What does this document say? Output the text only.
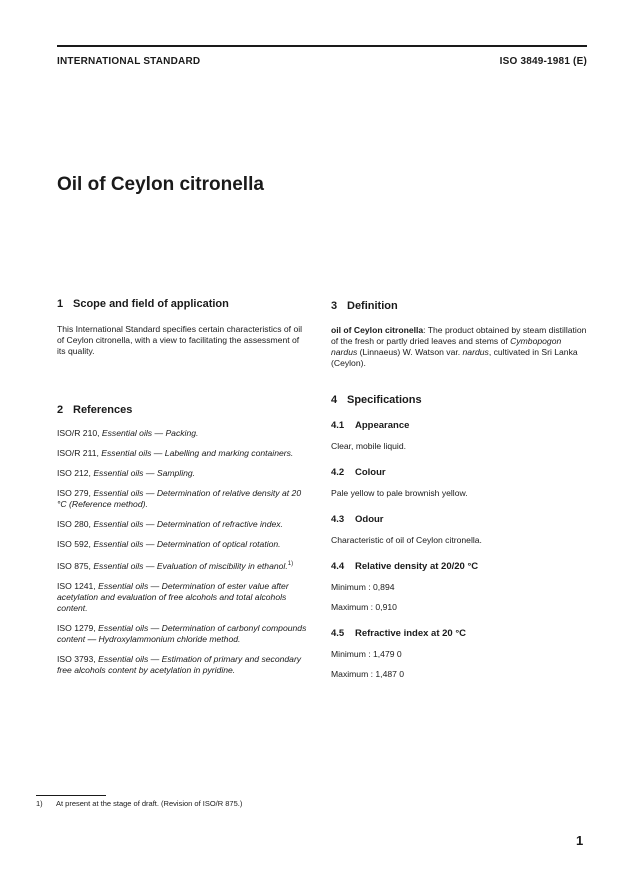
INTERNATIONAL STANDARD	ISO 3849-1981 (E)
Oil of Ceylon citronella
1 Scope and field of application

This International Standard specifies certain characteristics of oil of Ceylon citronella, with a view to facilitating the assessment of its quality.

2 References

ISO/R 210, Essential oils — Packing.

ISO/R 211, Essential oils — Labelling and marking containers.

ISO 212, Essential oils — Sampling.

ISO 279, Essential oils — Determination of relative density at 20 °C (Reference method).

ISO 280, Essential oils — Determination of refractive index.

ISO 592, Essential oils — Determination of optical rotation.

ISO 875, Essential oils — Evaluation of miscibility in ethanol.$^{1)}$

ISO 1241, Essential oils — Determination of ester value after acetylation and evaluation of free alcohols and total alcohols content.

ISO 1279, Essential oils — Determination of carbonyl compounds content — Hydroxylammonium chloride method.

ISO 3793, Essential oils — Estimation of primary and secondary free alcohols content by acetylation in pyridine.

3 Definition

oil of Ceylon citronella: The product obtained by steam distillation of the fresh or partly dried leaves and stems of Cymbopogon nardus (Linnaeus) W. Watson var. nardus, cultivated in Sri Lanka (Ceylon).

4 Specifications
4.1	Appearance

Clear, mobile liquid.

4.2	Colour

Pale yellow to pale brownish yellow.

4.3	Odour

Characteristic of oil of Ceylon citronella.

4.4	Relative density at 20/20 °C

Minimum : 0,894

Maximum : 0,910

4.5	Refractive index at 20 °C

Minimum : 1,479 0

Maximum : 1,487 0

1)	At present at the stage of draft. (Revision of ISO/R 875.)
1
